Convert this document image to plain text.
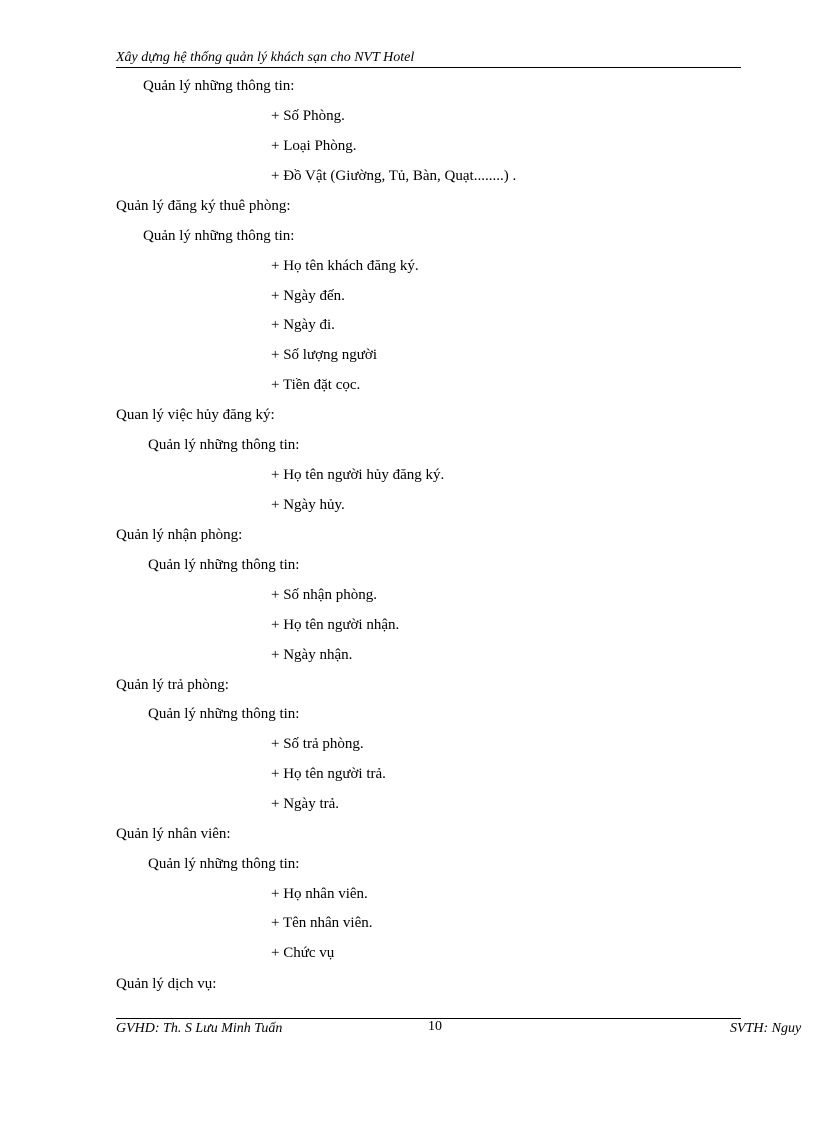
Xây dựng hệ thống quản lý khách sạn cho NVT Hotel
Quản lý những thông tin:
+ Số Phòng.
+ Loại Phòng.
+ Đồ Vật (Giường, Tủ, Bàn, Quạt........) .
Quản lý đăng ký thuê phòng:
Quản lý những thông tin:
+ Họ tên khách đăng ký.
+ Ngày đến.
+ Ngày đi.
+ Số lượng người
+ Tiền đặt cọc.
Quan lý việc hủy đăng ký:
Quản lý những thông tin:
+ Họ tên người hủy đăng ký.
+ Ngày hủy.
Quản lý nhận phòng:
Quản lý những thông tin:
+ Số nhận phòng.
+ Họ tên người nhận.
+ Ngày nhận.
Quản lý trả phòng:
Quản lý những thông tin:
+ Số trả phòng.
+ Họ tên người trả.
+ Ngày trả.
Quản lý nhân viên:
Quản lý những thông tin:
+ Họ nhân viên.
+ Tên nhân viên.
+ Chức vụ
Quản lý dịch vụ:
GVHD: Th. S Lưu Minh Tuấn	10	SVTH: Nguy
